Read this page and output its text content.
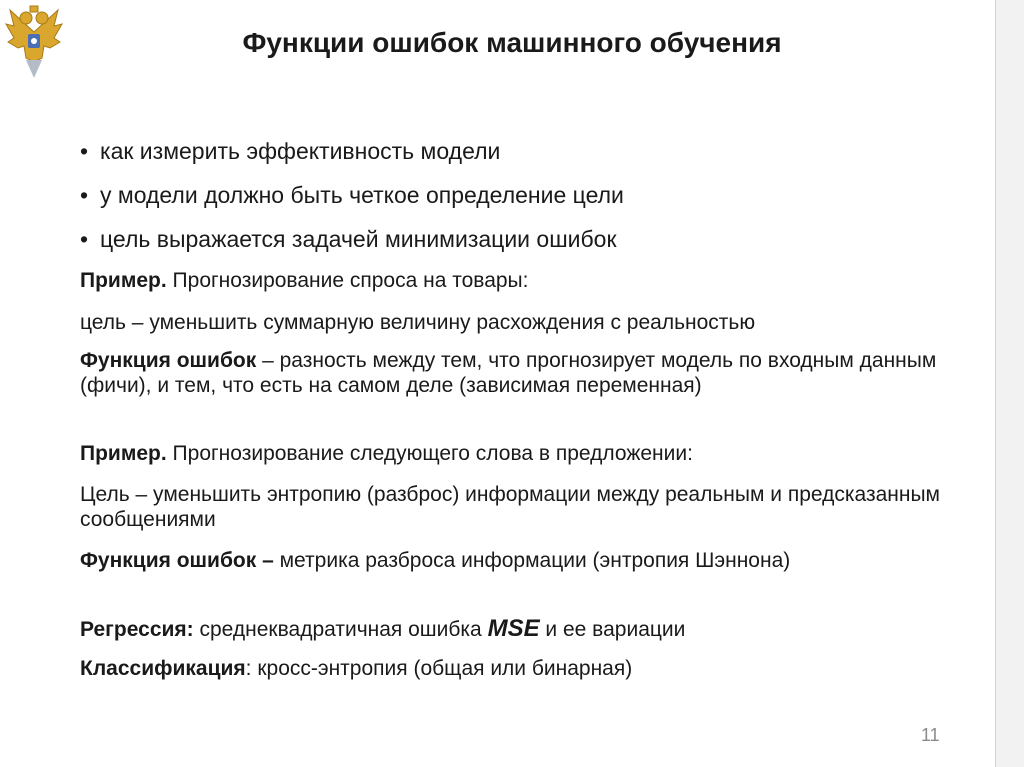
Функции ошибок машинного обучения
• как измерить эффективность модели
• у модели должно быть четкое определение цели
• цель выражается задачей минимизации ошибок

Пример. Прогнозирование спроса на товары:

цель – уменьшить суммарную величину расхождения с реальностью

Функция ошибок – разность между тем, что прогнозирует модель по входным данным (фичи), и тем, что есть на самом деле (зависимая переменная)

Пример. Прогнозирование следующего слова в предложении:

Цель – уменьшить энтропию (разброс) информации между реальным и предсказанным сообщениями

Функция ошибок – метрика разброса информации (энтропия Шэннона)

Регрессия: среднеквадратичная ошибка MSE и ее вариации

Классификация: кросс-энтропия (общая или бинарная)

11
